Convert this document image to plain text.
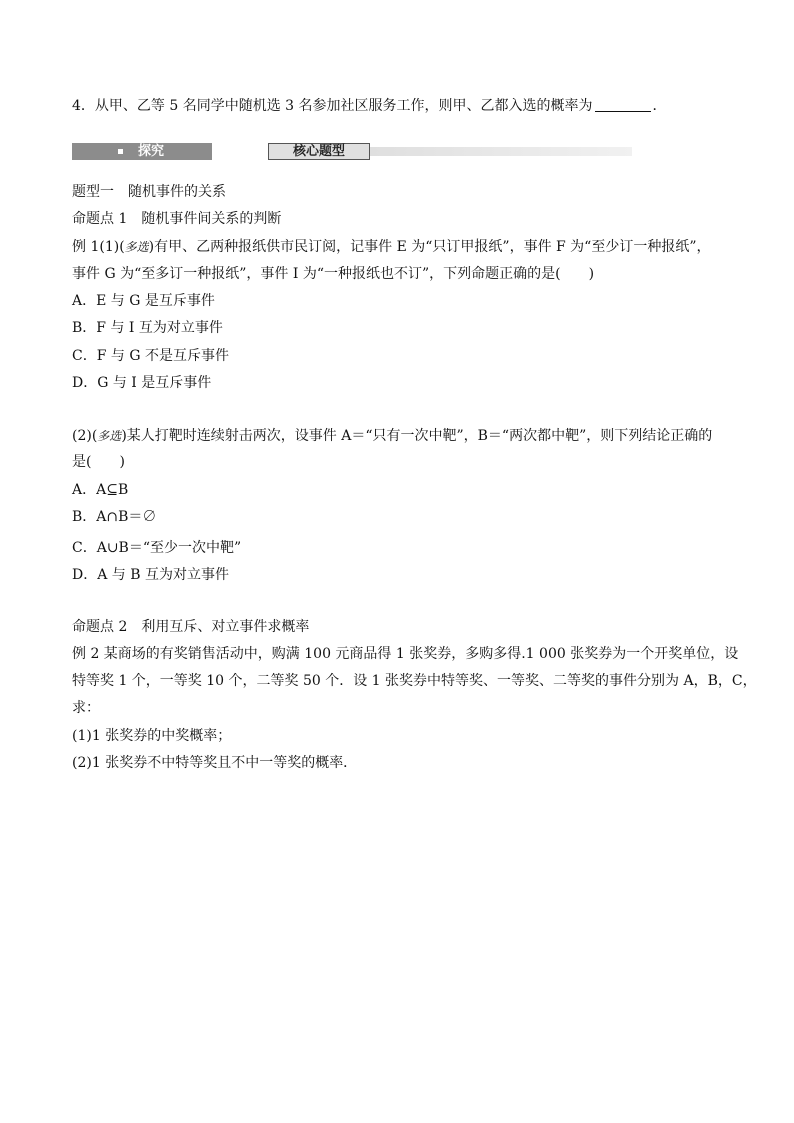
4．从甲、乙等 5 名同学中随机选 3 名参加社区服务工作，则甲、乙都入选的概率为	．
探究	核心题型
题型一　随机事件的关系
命题点 1　随机事件间关系的判断
例 1(1)(多选)有甲、乙两种报纸供市民订阅，记事件 E 为“只订甲报纸”，事件 F 为“至少订一种报纸”，
事件 G 为“至多订一种报纸”，事件 I 为“一种报纸也不订”，下列命题正确的是( )
A．E 与 G 是互斥事件
B．F 与 I 互为对立事件
C．F 与 G 不是互斥事件
D．G 与 I 是互斥事件
(2)(多选)某人打靶时连续射击两次，设事件 A＝“只有一次中靶”，B＝“两次都中靶”，则下列结论正确的
是( )
A．A⊆B
B．A∩B＝∅
C．A∪B＝“至少一次中靶”
D．A 与 B 互为对立事件
命题点 2　利用互斥、对立事件求概率
例 2 某商场的有奖销售活动中，购满 100 元商品得 1 张奖券，多购多得.1 000 张奖券为一个开奖单位，设
特等奖 1 个，一等奖 10 个，二等奖 50 个．设 1 张奖券中特等奖、一等奖、二等奖的事件分别为 A，B，C，
求：
(1)1 张奖券的中奖概率；
(2)1 张奖券不中特等奖且不中一等奖的概率．
